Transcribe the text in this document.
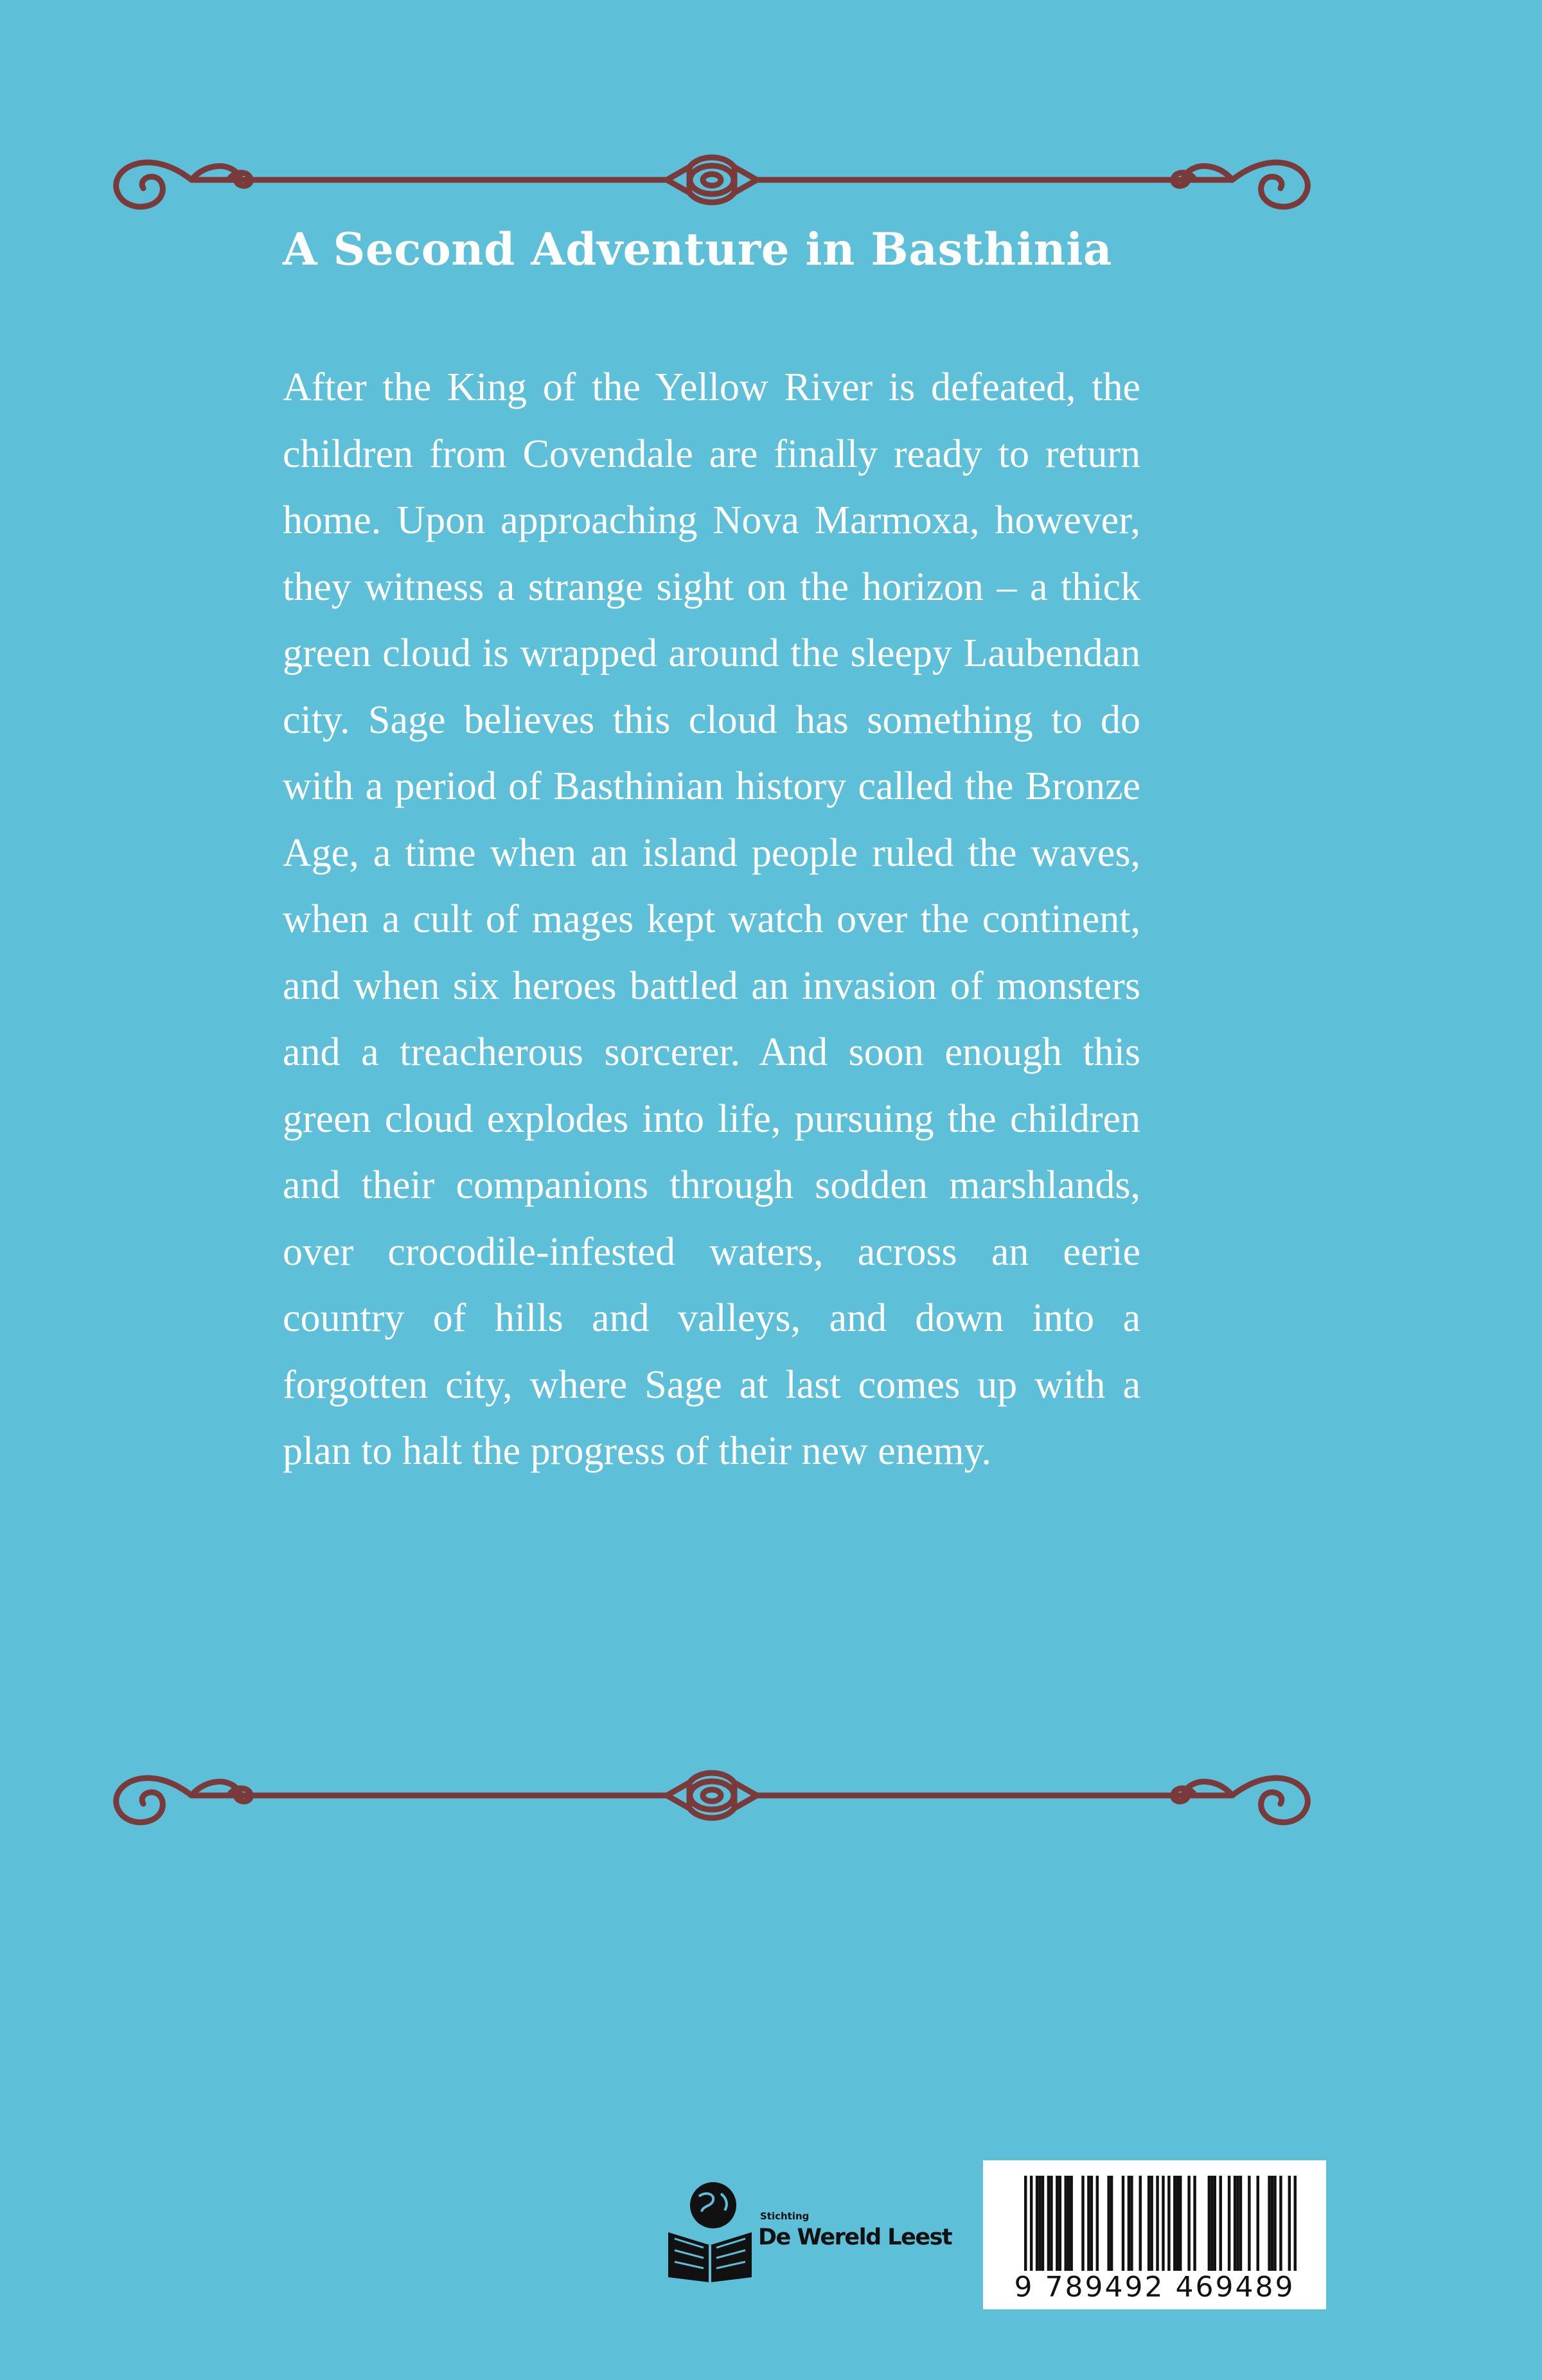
A Second Adventure in Basthinia

After the King of the Yellow River is defeated, the children from Covendale are finally ready to return home. Upon approaching Nova Marmoxa, however, they witness a strange sight on the horizon – a thick green cloud is wrapped around the sleepy Laubendan city. Sage believes this cloud has something to do with a period of Basthinian history called the Bronze Age, a time when an island people ruled the waves, when a cult of mages kept watch over the continent, and when six heroes battled an invasion of monsters and a treacherous sorcerer. And soon enough this green cloud explodes into life, pursuing the children and their companions through sodden marshlands, over crocodile-infested waters, across an eerie country of hills and valleys, and down into a forgotten city, where Sage at last comes up with a plan to halt the progress of their new enemy.

Stichting
De Wereld Leest
9 789492 469489
